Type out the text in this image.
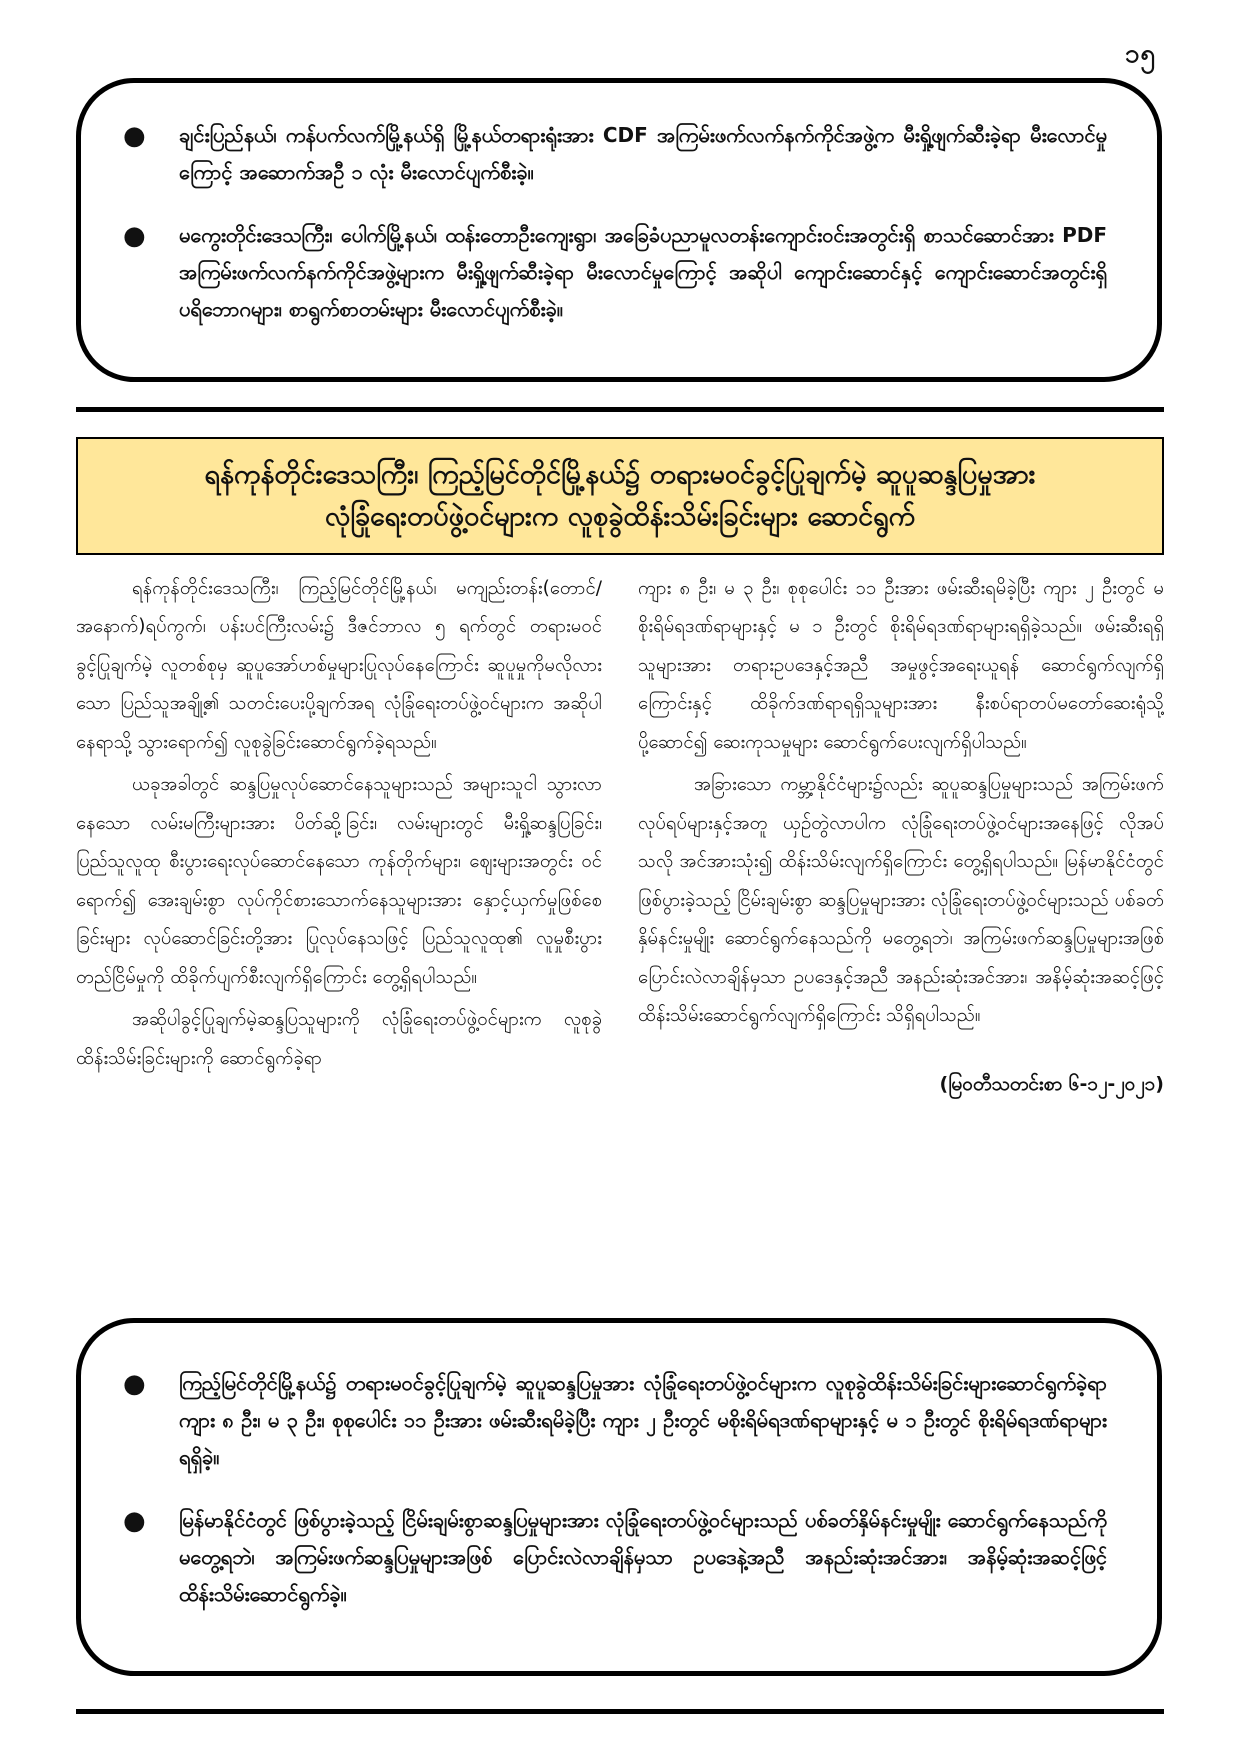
၁၅
● ချင်းပြည်နယ်၊ ကန်ပက်လက်မြို့နယ်ရှိ မြို့နယ်တရားရုံးအား CDF အကြမ်းဖက်လက်နက်ကိုင်အဖွဲ့က မီးရှို့ဖျက်ဆီးခဲ့ရာ မီးလောင်မှုကြောင့် အဆောက်အဦ ၁ လုံး မီးလောင်ပျက်စီးခဲ့။
● မကွေးတိုင်းဒေသကြီး၊ ပေါက်မြို့နယ်၊ ထန်းတောဦးကျေးရွာ၊ အခြေခံပညာမူလတန်းကျောင်းဝင်းအတွင်းရှိ စာသင်ဆောင်အား PDF အကြမ်းဖက်လက်နက်ကိုင်အဖွဲ့များက မီးရှို့ဖျက်ဆီးခဲ့ရာ မီးလောင်မှုကြောင့် အဆိုပါ ကျောင်းဆောင်နှင့် ကျောင်းဆောင်အတွင်းရှိ ပရိဘောဂများ၊ စာရွက်စာတမ်းများ မီးလောင်ပျက်စီးခဲ့။
ရန်ကုန်တိုင်းဒေသကြီး၊ ကြည့်မြင်တိုင်မြို့နယ်၌ တရားမဝင်ခွင့်ပြုချက်မဲ့ ဆူပူဆန္ဒပြမှုအား
လုံခြုံရေးတပ်ဖွဲ့ဝင်များက လူစုခွဲထိန်းသိမ်းခြင်းများ ဆောင်ရွက်

ရန်ကုန်တိုင်းဒေသကြီး၊ ကြည့်မြင်တိုင်မြို့နယ်၊ မကျည်းတန်း(တောင်/ အနောက်)ရပ်ကွက်၊ ပန်းပင်ကြီးလမ်း၌ ဒီဇင်ဘာလ ၅ ရက်တွင် တရားမဝင်ခွင့်ပြုချက်မဲ့ လူတစ်စုမှ ဆူပူအော်ဟစ်မှုများပြုလုပ်နေကြောင်း ဆူပူမှုကိုမလိုလားသော ပြည်သူအချို့၏ သတင်းပေးပို့ချက်အရ လုံခြုံရေးတပ်ဖွဲ့ဝင်များက အဆိုပါနေရာသို့ သွားရောက်၍ လူစုခွဲခြင်းဆောင်ရွက်ခဲ့ရသည်။

ယခုအခါတွင် ဆန္ဒပြမှုလုပ်ဆောင်နေသူများသည် အများသူငါ သွားလာနေသော လမ်းမကြီးများအား ပိတ်ဆို့ခြင်း၊ လမ်းများတွင် မီးရှို့ဆန္ဒပြခြင်း၊ ပြည်သူလူထု စီးပွားရေးလုပ်ဆောင်နေသော ကုန်တိုက်များ၊ ဈေးများအတွင်း ဝင်ရောက်၍ အေးချမ်းစွာ လုပ်ကိုင်စားသောက်နေသူများအား နှောင့်ယှက်မှုဖြစ်စေခြင်းများ လုပ်ဆောင်ခြင်းတို့အား ပြုလုပ်နေသဖြင့် ပြည်သူလူထု၏ လူမှုစီးပွားတည်ငြိမ်မှုကို ထိခိုက်ပျက်စီးလျက်ရှိကြောင်း တွေ့ရှိရပါသည်။

အဆိုပါခွင့်ပြုချက်မဲ့ဆန္ဒပြသူများကို လုံခြုံရေးတပ်ဖွဲ့ဝင်များက လူစုခွဲထိန်းသိမ်းခြင်းများကို ဆောင်ရွက်ခဲ့ရာ

ကျား ၈ ဦး၊ မ ၃ ဦး၊ စုစုပေါင်း ၁၁ ဦးအား ဖမ်းဆီးရမိခဲ့ပြီး ကျား ၂ ဦးတွင် မစိုးရိမ်ရဒဏ်ရာများနှင့် မ ၁ ဦးတွင် စိုးရိမ်ရဒဏ်ရာများရရှိခဲ့သည်။ ဖမ်းဆီးရရှိသူများအား တရားဥပဒေနှင့်အညီ အမှုဖွင့်အရေးယူရန် ဆောင်ရွက်လျက်ရှိကြောင်းနှင့် ထိခိုက်ဒဏ်ရာရရှိသူများအား နီးစပ်ရာတပ်မတော်ဆေးရုံသို့ ပို့ဆောင်၍ ဆေးကုသမှုများ ဆောင်ရွက်ပေးလျက်ရှိပါသည်။

အခြားသော ကမ္ဘာ့နိုင်ငံများ၌လည်း ဆူပူဆန္ဒပြမှုများသည် အကြမ်းဖက်လုပ်ရပ်များနှင့်အတူ ယှဉ်တွဲလာပါက လုံခြုံရေးတပ်ဖွဲ့ဝင်များအနေဖြင့် လိုအပ်သလို အင်အားသုံး၍ ထိန်းသိမ်းလျက်ရှိကြောင်း တွေ့ရှိရပါသည်။ မြန်မာနိုင်ငံတွင် ဖြစ်ပွားခဲ့သည့် ငြိမ်းချမ်းစွာ ဆန္ဒပြမှုများအား လုံခြုံရေးတပ်ဖွဲ့ဝင်များသည် ပစ်ခတ်နှိမ်နင်းမှုမျိုး ဆောင်ရွက်နေသည်ကို မတွေ့ရဘဲ၊ အကြမ်းဖက်ဆန္ဒပြမှုများအဖြစ် ပြောင်းလဲလာချိန်မှသာ ဥပဒေနှင့်အညီ အနည်းဆုံးအင်အား၊ အနိမ့်ဆုံးအဆင့်ဖြင့် ထိန်းသိမ်းဆောင်ရွက်လျက်ရှိကြောင်း သိရှိရပါသည်။

(မြဝတီသတင်းစာ ၆-၁၂-၂၀၂၁)
● ကြည့်မြင်တိုင်မြို့နယ်၌ တရားမဝင်ခွင့်ပြုချက်မဲ့ ဆူပူဆန္ဒပြမှုအား လုံခြုံရေးတပ်ဖွဲ့ဝင်များက လူစုခွဲထိန်းသိမ်းခြင်းများဆောင်ရွက်ခဲ့ရာ ကျား ၈ ဦး၊ မ ၃ ဦး၊ စုစုပေါင်း ၁၁ ဦးအား ဖမ်းဆီးရမိခဲ့ပြီး ကျား ၂ ဦးတွင် မစိုးရိမ်ရဒဏ်ရာများနှင့် မ ၁ ဦးတွင် စိုးရိမ်ရဒဏ်ရာများရရှိခဲ့။
● မြန်မာနိုင်ငံတွင် ဖြစ်ပွားခဲ့သည့် ငြိမ်းချမ်းစွာဆန္ဒပြမှုများအား လုံခြုံရေးတပ်ဖွဲ့ဝင်များသည် ပစ်ခတ်နှိမ်နင်းမှုမျိုး ဆောင်ရွက်နေသည်ကို မတွေ့ရဘဲ၊ အကြမ်းဖက်ဆန္ဒပြမှုများအဖြစ် ပြောင်းလဲလာချိန်မှသာ ဥပဒေနဲ့အညီ အနည်းဆုံးအင်အား၊ အနိမ့်ဆုံးအဆင့်ဖြင့် ထိန်းသိမ်းဆောင်ရွက်ခဲ့။
